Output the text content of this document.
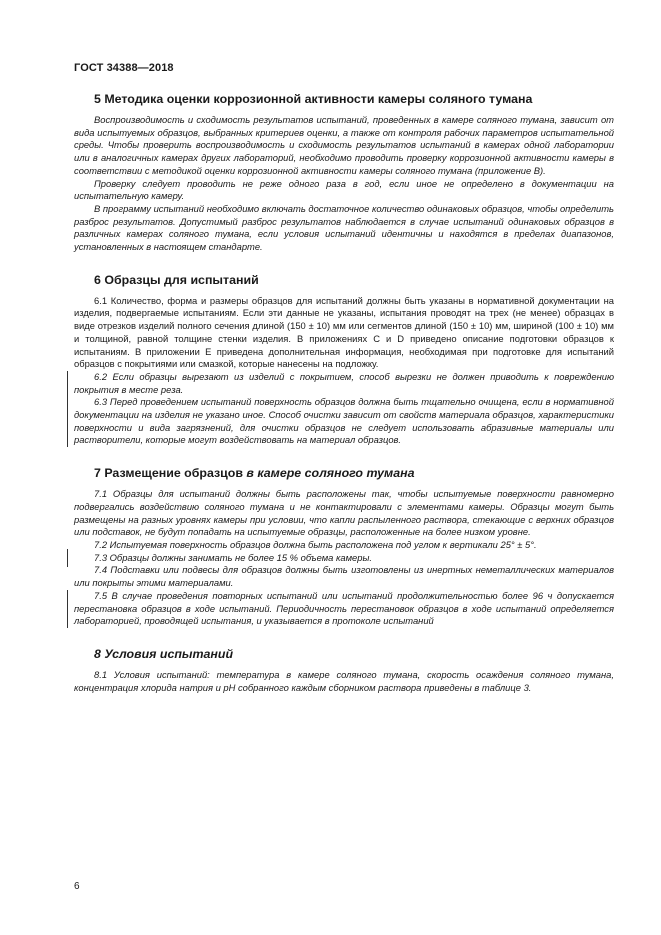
ГОСТ 34388—2018
5 Методика оценки коррозионной активности камеры соляного тумана

Воспроизводимость и сходимость результатов испытаний, проведенных в камере соляного тумана, зависит от вида испытуемых образцов, выбранных критериев оценки, а также от контроля рабочих параметров испытательной среды. Чтобы проверить воспроизводимость и сходимость результатов испытаний в камерах одной лаборатории или в аналогичных камерах других лабораторий, необходимо проводить проверку коррозионной активности камеры в соответствии с методикой оценки коррозионной активности камеры соляного тумана (приложение В).

Проверку следует проводить не реже одного раза в год, если иное не определено в документации на испытательную камеру.

В программу испытаний необходимо включать достаточное количество одинаковых образцов, чтобы определить разброс результатов. Допустимый разброс результатов наблюдается в случае испытаний одинаковых образцов в различных камерах соляного тумана, если условия испытаний идентичны и находятся в пределах диапазонов, установленных в настоящем стандарте.

6 Образцы для испытаний

6.1 Количество, форма и размеры образцов для испытаний должны быть указаны в нормативной документации на изделия, подвергаемые испытаниям. Если эти данные не указаны, испытания проводят на трех (не менее) образцах в виде отрезков изделий полного сечения длиной (150 ± 10) мм или сегментов длиной (150 ± 10) мм, шириной (100 ± 10) мм и толщиной, равной толщине стенки изделия. В приложениях С и D приведено описание подготовки образцов к испытаниям. В приложении Е приведена дополнительная информация, необходимая при подготовке для испытаний образцов с покрытиями или смазкой, которые нанесены на подложку.

6.2 Если образцы вырезают из изделий с покрытием, способ вырезки не должен приводить к повреждению покрытия в месте реза.

6.3 Перед проведением испытаний поверхность образцов должна быть тщательно очищена, если в нормативной документации на изделия не указано иное. Способ очистки зависит от свойств материала образцов, характеристики поверхности и вида загрязнений, для очистки образцов не следует использовать абразивные материалы или растворители, которые могут воздействовать на материал образцов.

7 Размещение образцов в камере соляного тумана

7.1 Образцы для испытаний должны быть расположены так, чтобы испытуемые поверхности равномерно подвергались воздействию соляного тумана и не контактировали с элементами камеры. Образцы могут быть размещены на разных уровнях камеры при условии, что капли распыленного раствора, стекающие с верхних образцов или подставок, не будут попадать на испытуемые образцы, расположенные на более низком уровне.

7.2 Испытуемая поверхность образцов должна быть расположена под углом к вертикали 25° ± 5°.

7.3 Образцы должны занимать не более 15 % объема камеры.

7.4 Подставки или подвесы для образцов должны быть изготовлены из инертных неметаллических материалов или покрыты этими материалами.

7.5 В случае проведения повторных испытаний или испытаний продолжительностью более 96 ч допускается перестановка образцов в ходе испытаний. Периодичность перестановок образцов в ходе испытаний определяется лабораторией, проводящей испытания, и указывается в протоколе испытаний

8 Условия испытаний

8.1 Условия испытаний: температура в камере соляного тумана, скорость осаждения соляного тумана, концентрация хлорида натрия и pH собранного каждым сборником раствора приведены в таблице 3.

6
